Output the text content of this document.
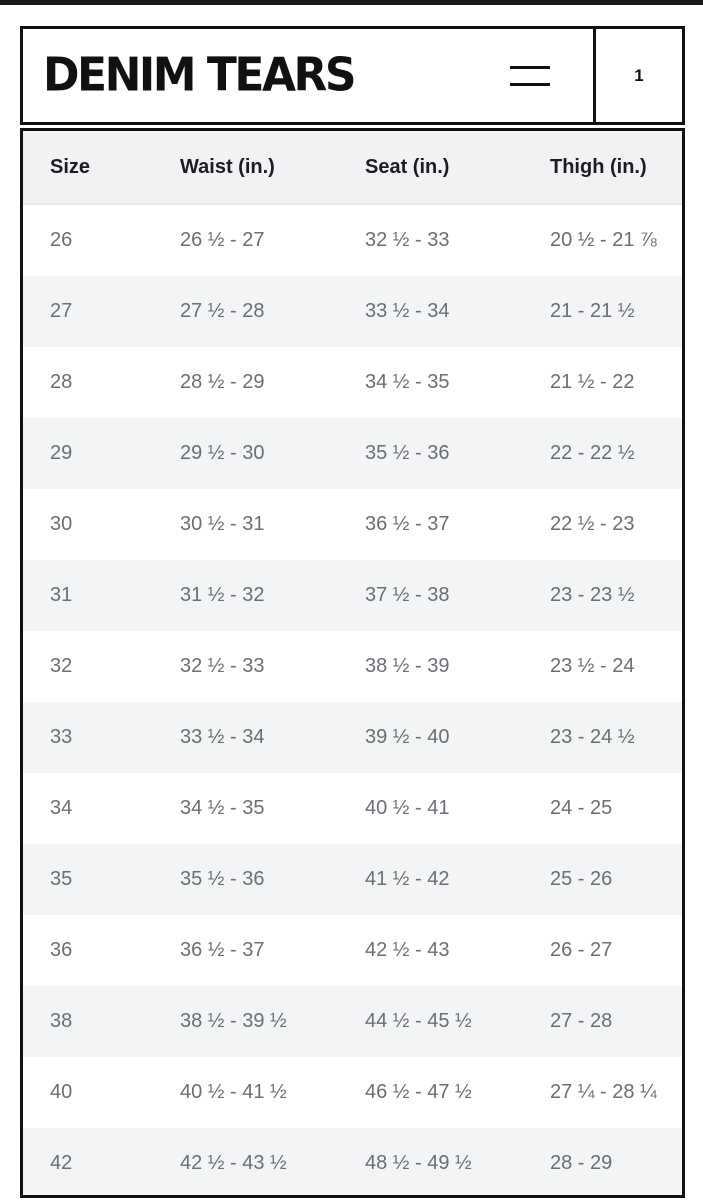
DENIM TEARS	1
Size	Waist (in.)	Seat (in.)	Thigh (in.)
26	26 ½ - 27	32 ½ - 33	20 ½ - 21 ⅞
27	27 ½ - 28	33 ½ - 34	21 - 21 ½
28	28 ½ - 29	34 ½ - 35	21 ½ - 22
29	29 ½ - 30	35 ½ - 36	22 - 22 ½
30	30 ½ - 31	36 ½ - 37	22 ½ - 23
31	31 ½ - 32	37 ½ - 38	23 - 23 ½
32	32 ½ - 33	38 ½ - 39	23 ½ - 24
33	33 ½ - 34	39 ½ - 40	23 - 24 ½
34	34 ½ - 35	40 ½ - 41	24 - 25
35	35 ½ - 36	41 ½ - 42	25 - 26
36	36 ½ - 37	42 ½ - 43	26 - 27
38	38 ½ - 39 ½	44 ½ - 45 ½	27 - 28
40	40 ½ - 41 ½	46 ½ - 47 ½	27 ¼ - 28 ¼
42	42 ½ - 43 ½	48 ½ - 49 ½	28 - 29
